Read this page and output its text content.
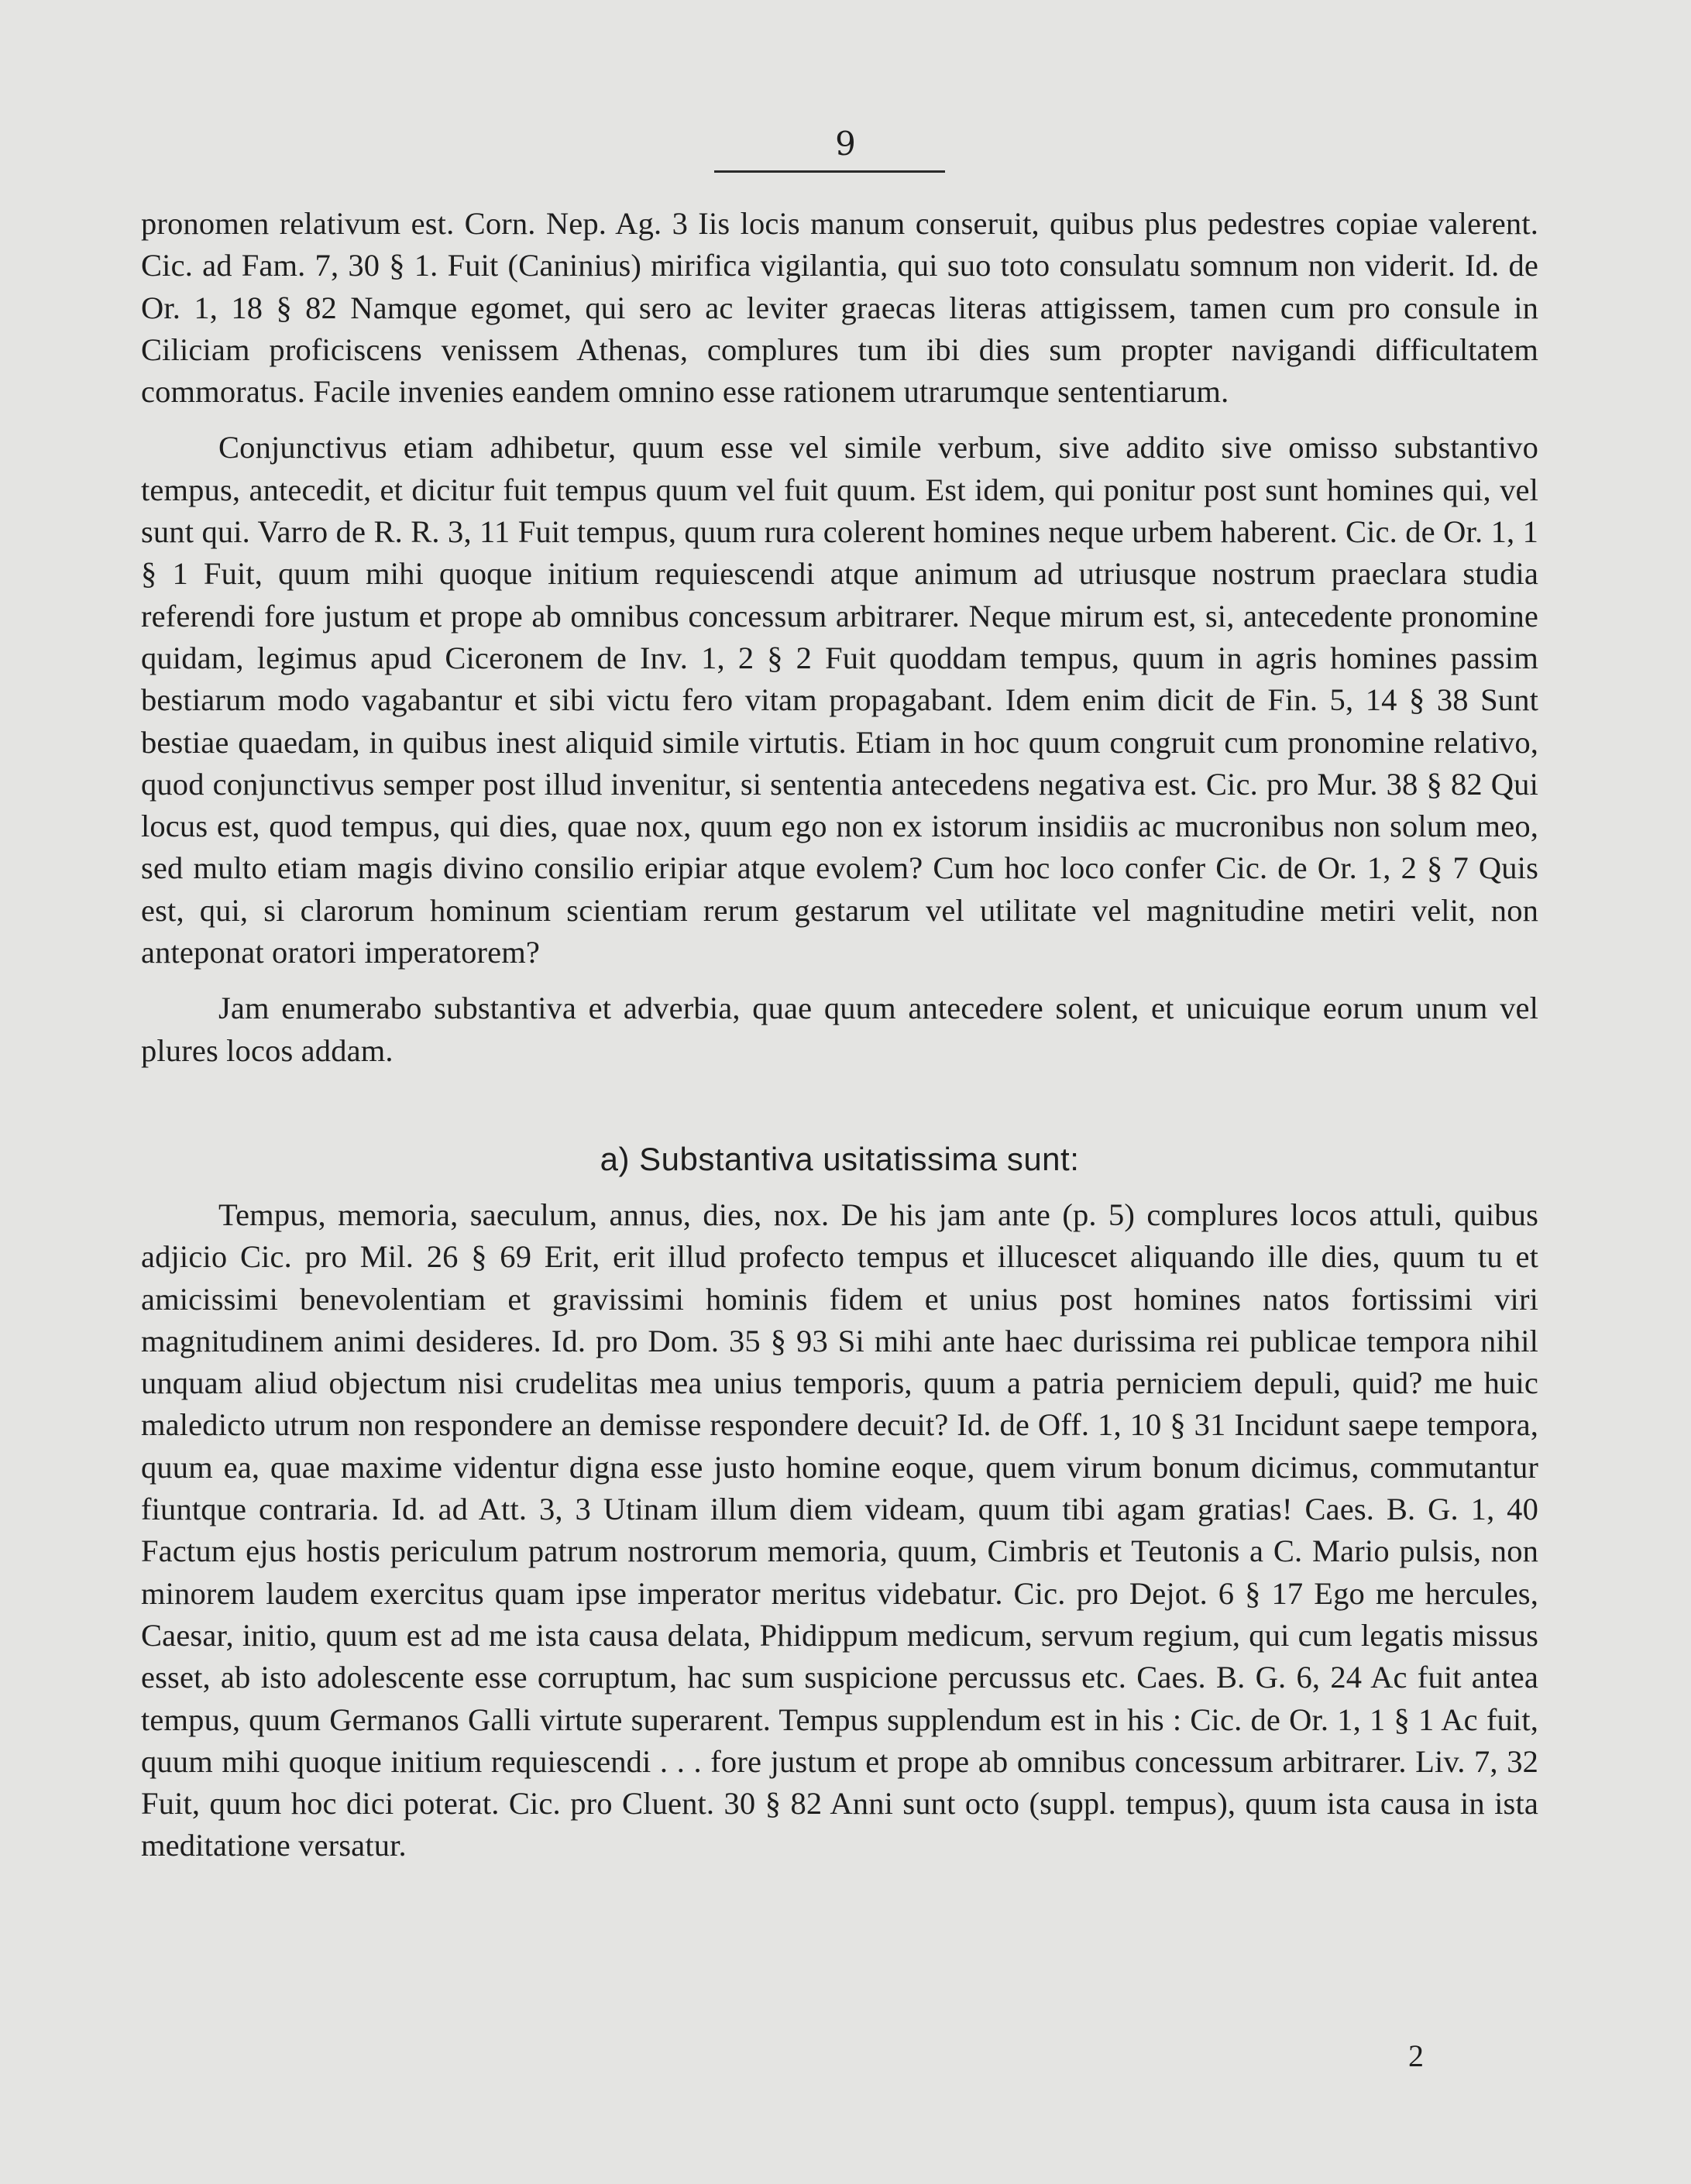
9

pronomen relativum est. Corn. Nep. Ag. 3 Iis locis manum conseruit, quibus plus pedestres copiae valerent. Cic. ad Fam. 7, 30 § 1. Fuit (Caninius) mirifica vigilantia, qui suo toto consulatu somnum non viderit. Id. de Or. 1, 18 § 82 Namque egomet, qui sero ac leviter graecas literas attigissem, tamen cum pro consule in Ciliciam proficiscens venissem Athenas, complures tum ibi dies sum propter navigandi difficultatem commoratus. Facile invenies eandem omnino esse rationem utrarumque sententiarum.

Conjunctivus etiam adhibetur, quum esse vel simile verbum, sive addito sive omisso substantivo tempus, antecedit, et dicitur fuit tempus quum vel fuit quum. Est idem, qui ponitur post sunt homines qui, vel sunt qui. Varro de R. R. 3, 11 Fuit tempus, quum rura colerent homines neque urbem haberent. Cic. de Or. 1, 1 § 1 Fuit, quum mihi quoque initium requiescendi atque animum ad utriusque nostrum praeclara studia referendi fore justum et prope ab omnibus concessum arbitrarer. Neque mirum est, si, antecedente pronomine quidam, legimus apud Ciceronem de Inv. 1, 2 § 2 Fuit quoddam tempus, quum in agris homines passim bestiarum modo vagabantur et sibi victu fero vitam propagabant. Idem enim dicit de Fin. 5, 14 § 38 Sunt bestiae quaedam, in quibus inest aliquid simile virtutis. Etiam in hoc quum congruit cum pronomine relativo, quod conjunctivus semper post illud invenitur, si sententia antecedens negativa est. Cic. pro Mur. 38 § 82 Qui locus est, quod tempus, qui dies, quae nox, quum ego non ex istorum insidiis ac mucronibus non solum meo, sed multo etiam magis divino consilio eripiar atque evolem? Cum hoc loco confer Cic. de Or. 1, 2 § 7 Quis est, qui, si clarorum hominum scientiam rerum gestarum vel utilitate vel magnitudine metiri velit, non anteponat oratori imperatorem?

Jam enumerabo substantiva et adverbia, quae quum antecedere solent, et unicuique eorum unum vel plures locos addam.

a) Substantiva usitatissima sunt:

Tempus, memoria, saeculum, annus, dies, nox. De his jam ante (p. 5) complures locos attuli, quibus adjicio Cic. pro Mil. 26 § 69 Erit, erit illud profecto tempus et illucescet aliquando ille dies, quum tu et amicissimi benevolentiam et gravissimi hominis fidem et unius post homines natos fortissimi viri magnitudinem animi desideres. Id. pro Dom. 35 § 93 Si mihi ante haec durissima rei publicae tempora nihil unquam aliud objectum nisi crudelitas mea unius temporis, quum a patria perniciem depuli, quid? me huic maledicto utrum non respondere an demisse respondere decuit? Id. de Off. 1, 10 § 31 Incidunt saepe tempora, quum ea, quae maxime videntur digna esse justo homine eoque, quem virum bonum dicimus, commutantur fiuntque contraria. Id. ad Att. 3, 3 Utinam illum diem videam, quum tibi agam gratias! Caes. B. G. 1, 40 Factum ejus hostis periculum patrum nostrorum memoria, quum, Cimbris et Teutonis a C. Mario pulsis, non minorem laudem exercitus quam ipse imperator meritus videbatur. Cic. pro Dejot. 6 § 17 Ego me hercules, Caesar, initio, quum est ad me ista causa delata, Phidippum medicum, servum regium, qui cum legatis missus esset, ab isto adolescente esse corruptum, hac sum suspicione percussus etc. Caes. B. G. 6, 24 Ac fuit antea tempus, quum Germanos Galli virtute superarent. Tempus supplendum est in his : Cic. de Or. 1, 1 § 1 Ac fuit, quum mihi quoque initium requiescendi . . . fore justum et prope ab omnibus concessum arbitrarer. Liv. 7, 32 Fuit, quum hoc dici poterat. Cic. pro Cluent. 30 § 82 Anni sunt octo (suppl. tempus), quum ista causa in ista meditatione versatur.

2
